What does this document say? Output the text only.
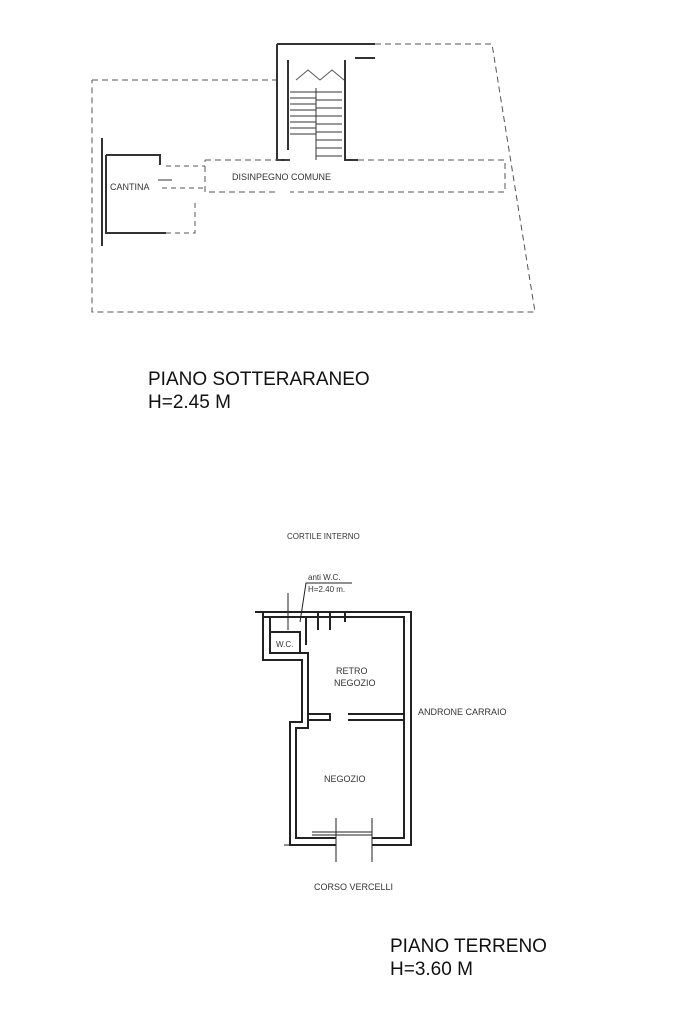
CANTINA
DISINPEGNO COMUNE
CORTILE INTERNO
anti W.C.
H=2.40 m.
W.C.
RETRO
NEGOZIO
NEGOZIO
ANDRONE CARRAIO
CORSO VERCELLI
PIANO SOTTERARANEO
H=2.45 M
PIANO TERRENO
H=3.60 M
